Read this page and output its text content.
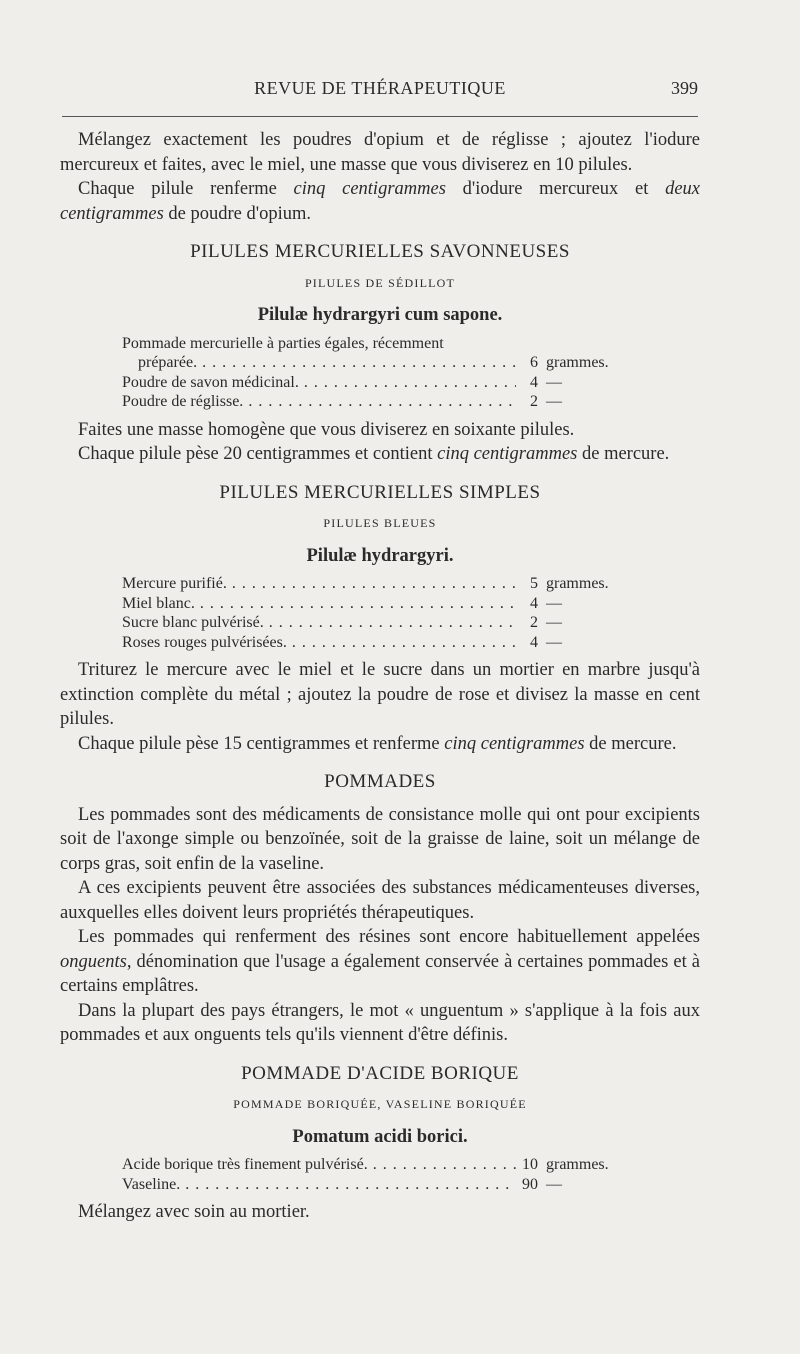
REVUE DE THÉRAPEUTIQUE	399

Mélangez exactement les poudres d'opium et de réglisse ; ajoutez l'iodure mercureux et faites, avec le miel, une masse que vous diviserez en 10 pilules.

Chaque pilule renferme cinq centigrammes d'iodure mercureux et deux centigrammes de poudre d'opium.

PILULES MERCURIELLES SAVONNEUSES
PILULES DE SÉDILLOT
Pilulæ hydrargyri cum sapone.
Pommade mercurielle à parties égales, récemment
préparée. . . .	6 grammes.
Poudre de savon médicinal. . . .	4 —
Poudre de réglisse. . . .	2 —

Faites une masse homogène que vous diviserez en soixante pilules.

Chaque pilule pèse 20 centigrammes et contient cinq centigrammes de mercure.

PILULES MERCURIELLES SIMPLES
PILULES BLEUES
Pilulæ hydrargyri.
Mercure purifié. . . .	5 grammes.
Miel blanc. . . .	4 —
Sucre blanc pulvérisé. . . .	2 —
Roses rouges pulvérisées. . . .	4 —

Triturez le mercure avec le miel et le sucre dans un mortier en marbre jusqu'à extinction complète du métal ; ajoutez la poudre de rose et divisez la masse en cent pilules.

Chaque pilule pèse 15 centigrammes et renferme cinq centigrammes de mercure.

POMMADES

Les pommades sont des médicaments de consistance molle qui ont pour excipients soit de l'axonge simple ou benzoïnée, soit de la graisse de laine, soit un mélange de corps gras, soit enfin de la vaseline.

A ces excipients peuvent être associées des substances médicamenteuses diverses, auxquelles elles doivent leurs propriétés thérapeutiques.

Les pommades qui renferment des résines sont encore habituellement appelées onguents, dénomination que l'usage a également conservée à certaines pommades et à certains emplâtres.

Dans la plupart des pays étrangers, le mot « unguentum » s'applique à la fois aux pommades et aux onguents tels qu'ils viennent d'être définis.

POMMADE D'ACIDE BORIQUE
POMMADE BORIQUÉE, VASELINE BORIQUÉE
Pomatum acidi borici.
Acide borique très finement pulvérisé. . . .	10 grammes.
Vaseline. . . .	90 —

Mélangez avec soin au mortier.
